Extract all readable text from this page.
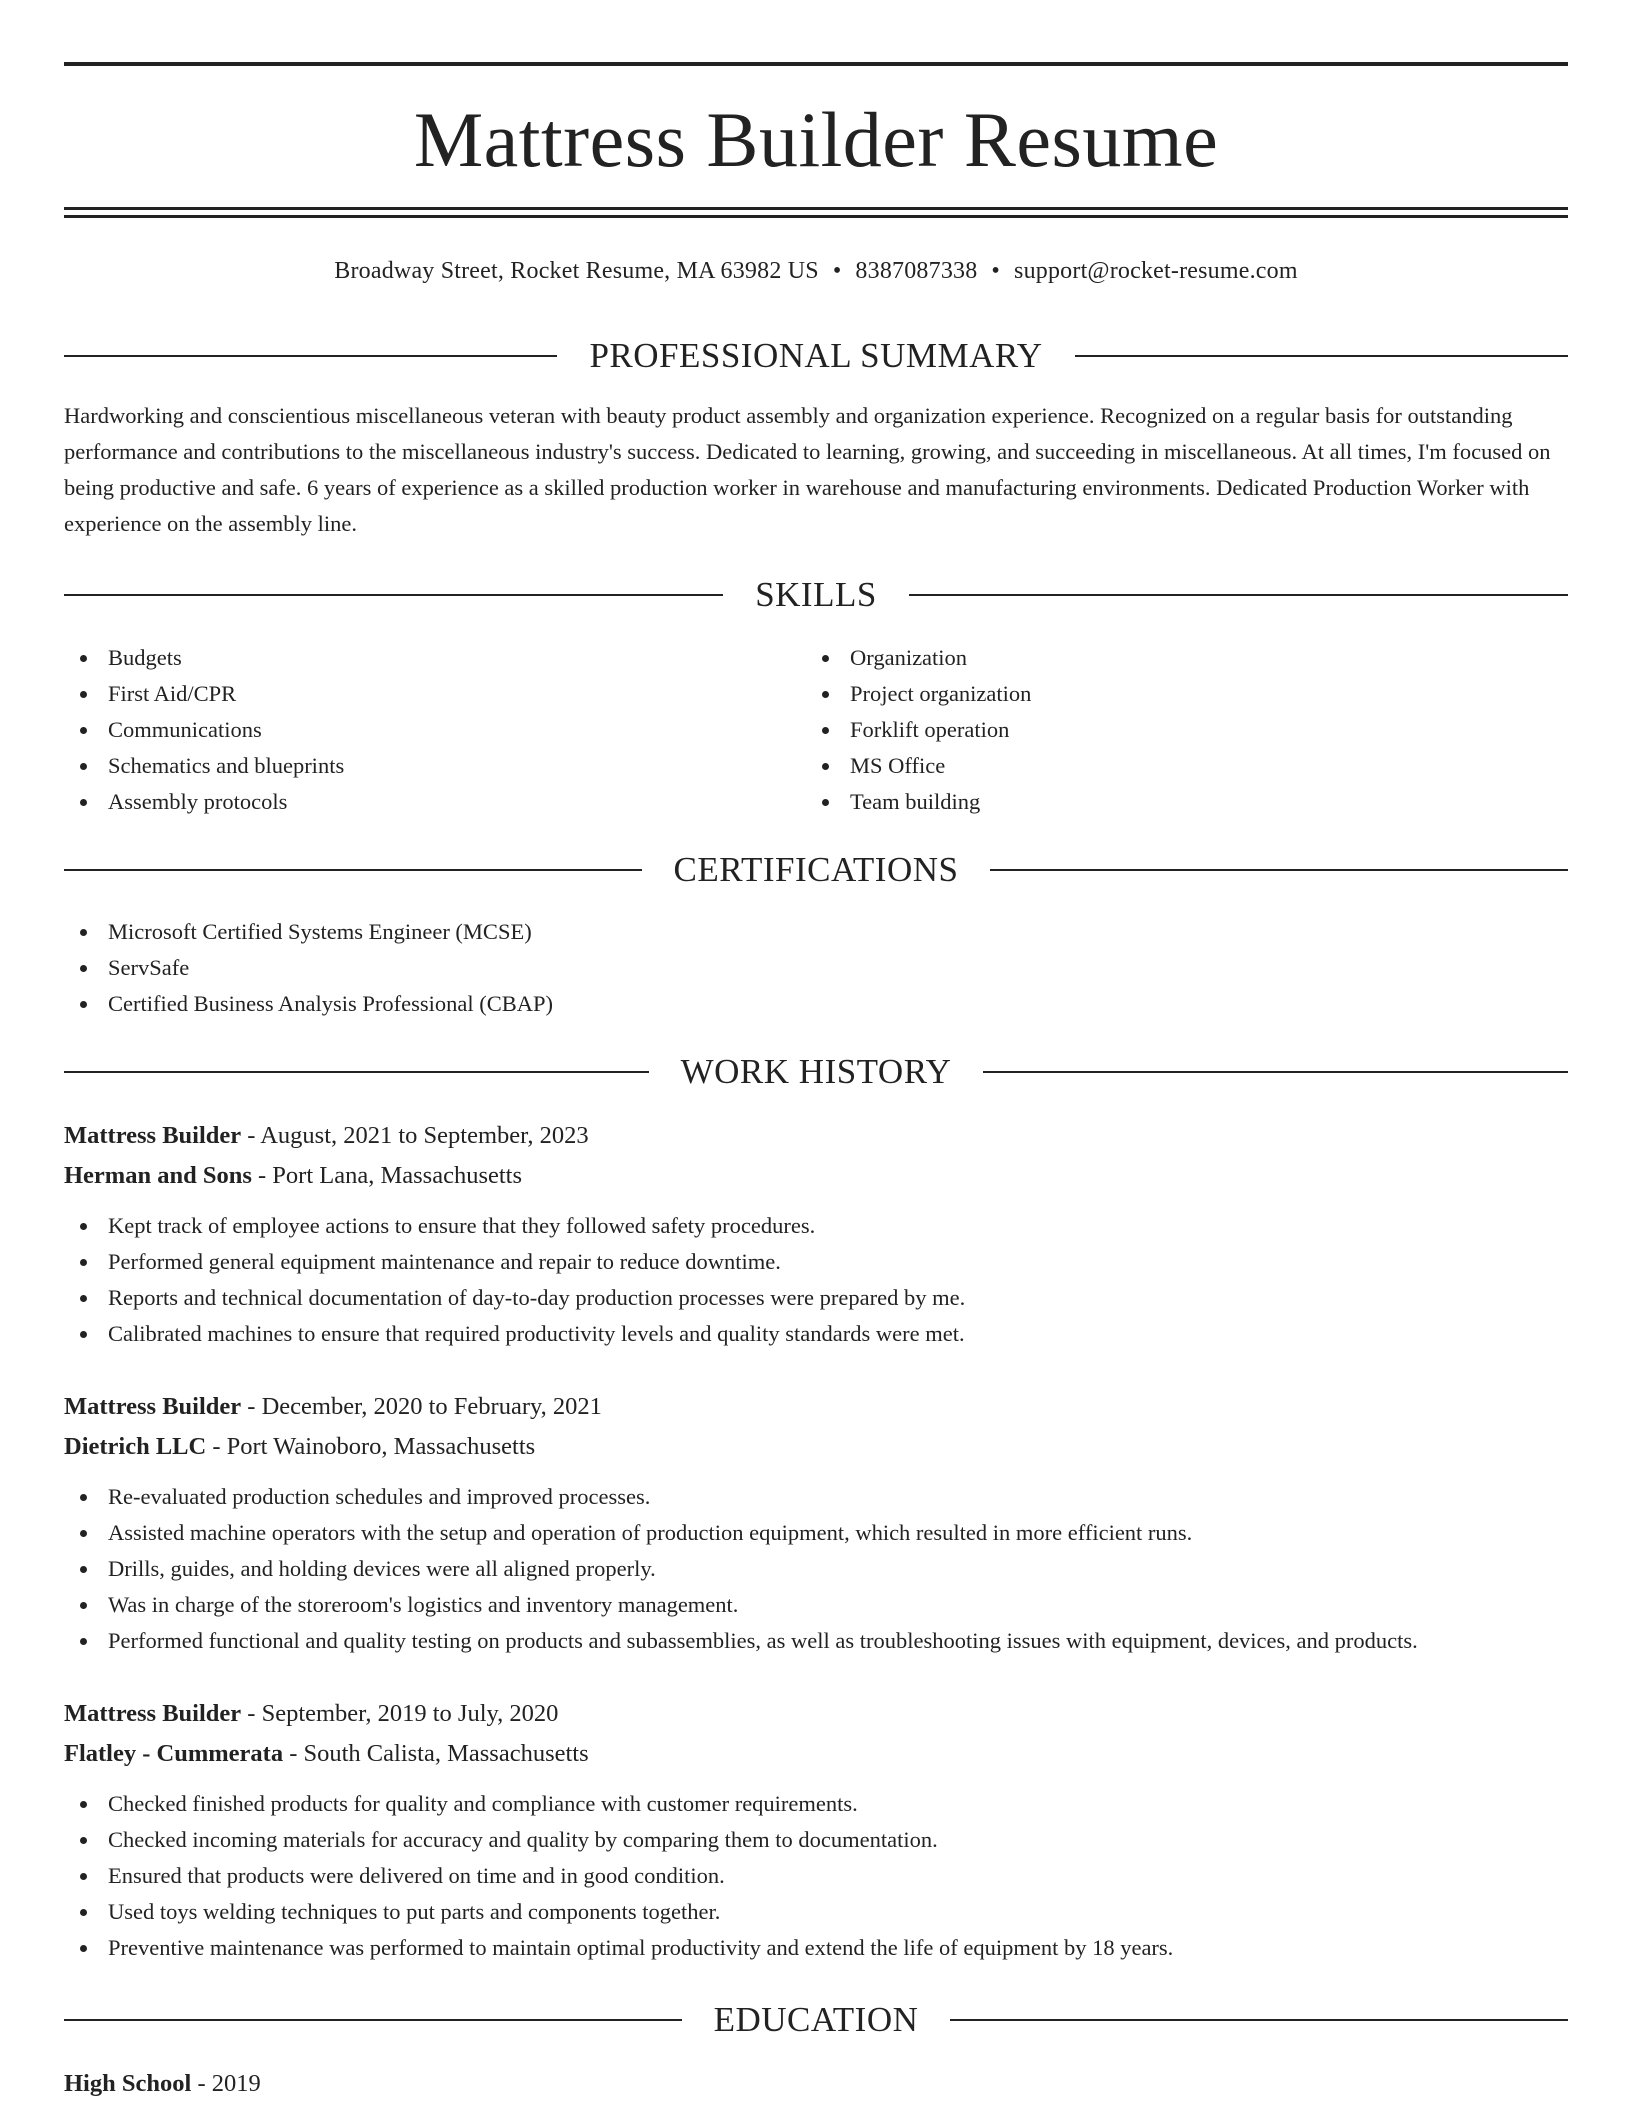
Mattress Builder Resume

Broadway Street, Rocket Resume, MA 63982 US • 8387087338 • support@rocket-resume.com

PROFESSIONAL SUMMARY

Hardworking and conscientious miscellaneous veteran with beauty product assembly and organization experience. Recognized on a regular basis for outstanding performance and contributions to the miscellaneous industry's success. Dedicated to learning, growing, and succeeding in miscellaneous. At all times, I'm focused on being productive and safe. 6 years of experience as a skilled production worker in warehouse and manufacturing environments. Dedicated Production Worker with experience on the assembly line.

SKILLS
Budgets
First Aid/CPR
Communications
Schematics and blueprints
Assembly protocols
Organization
Project organization
Forklift operation
MS Office
Team building
CERTIFICATIONS
Microsoft Certified Systems Engineer (MCSE)
ServSafe
Certified Business Analysis Professional (CBAP)
WORK HISTORY

Mattress Builder - August, 2021 to September, 2023

Herman and Sons - Port Lana, Massachusetts

Kept track of employee actions to ensure that they followed safety procedures.
Performed general equipment maintenance and repair to reduce downtime.
Reports and technical documentation of day-to-day production processes were prepared by me.
Calibrated machines to ensure that required productivity levels and quality standards were met.

Mattress Builder - December, 2020 to February, 2021

Dietrich LLC - Port Wainoboro, Massachusetts

Re-evaluated production schedules and improved processes.
Assisted machine operators with the setup and operation of production equipment, which resulted in more efficient runs.
Drills, guides, and holding devices were all aligned properly.
Was in charge of the storeroom's logistics and inventory management.
Performed functional and quality testing on products and subassemblies, as well as troubleshooting issues with equipment, devices, and products.

Mattress Builder - September, 2019 to July, 2020

Flatley - Cummerata - South Calista, Massachusetts

Checked finished products for quality and compliance with customer requirements.
Checked incoming materials for accuracy and quality by comparing them to documentation.
Ensured that products were delivered on time and in good condition.
Used toys welding techniques to put parts and components together.
Preventive maintenance was performed to maintain optimal productivity and extend the life of equipment by 18 years.
EDUCATION

High School - 2019
